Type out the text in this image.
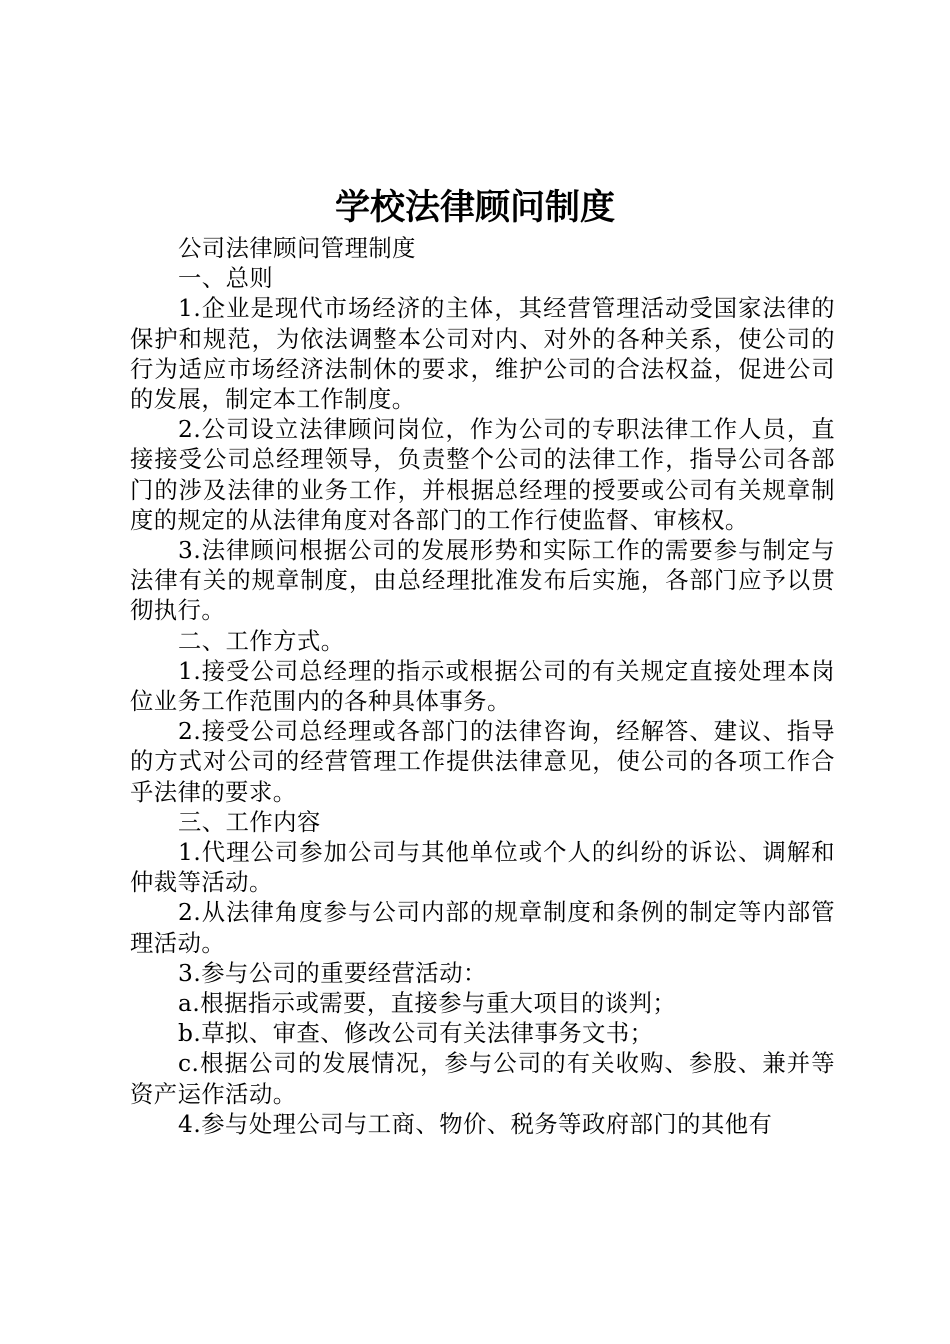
学校法律顾问制度

公司法律顾问管理制度

一、总则

1.企业是现代市场经济的主体，其经营管理活动受国家法律的保护和规范，为依法调整本公司对内、对外的各种关系，使公司的行为适应市场经济法制休的要求，维护公司的合法权益，促进公司的发展，制定本工作制度。

2.公司设立法律顾问岗位，作为公司的专职法律工作人员，直接接受公司总经理领导，负责整个公司的法律工作，指导公司各部门的涉及法律的业务工作，并根据总经理的授要或公司有关规章制度的规定的从法律角度对各部门的工作行使监督、审核权。

3.法律顾问根据公司的发展形势和实际工作的需要参与制定与法律有关的规章制度，由总经理批准发布后实施，各部门应予以贯彻执行。

二、工作方式。

1.接受公司总经理的指示或根据公司的有关规定直接处理本岗位业务工作范围内的各种具体事务。

2.接受公司总经理或各部门的法律咨询，经解答、建议、指导的方式对公司的经营管理工作提供法律意见，使公司的各项工作合乎法律的要求。

三、工作内容

1.代理公司参加公司与其他单位或个人的纠纷的诉讼、调解和仲裁等活动。

2.从法律角度参与公司内部的规章制度和条例的制定等内部管理活动。

3.参与公司的重要经营活动：

a.根据指示或需要，直接参与重大项目的谈判；

b.草拟、审查、修改公司有关法律事务文书；

c.根据公司的发展情况，参与公司的有关收购、参股、兼并等资产运作活动。

4.参与处理公司与工商、物价、税务等政府部门的其他有
